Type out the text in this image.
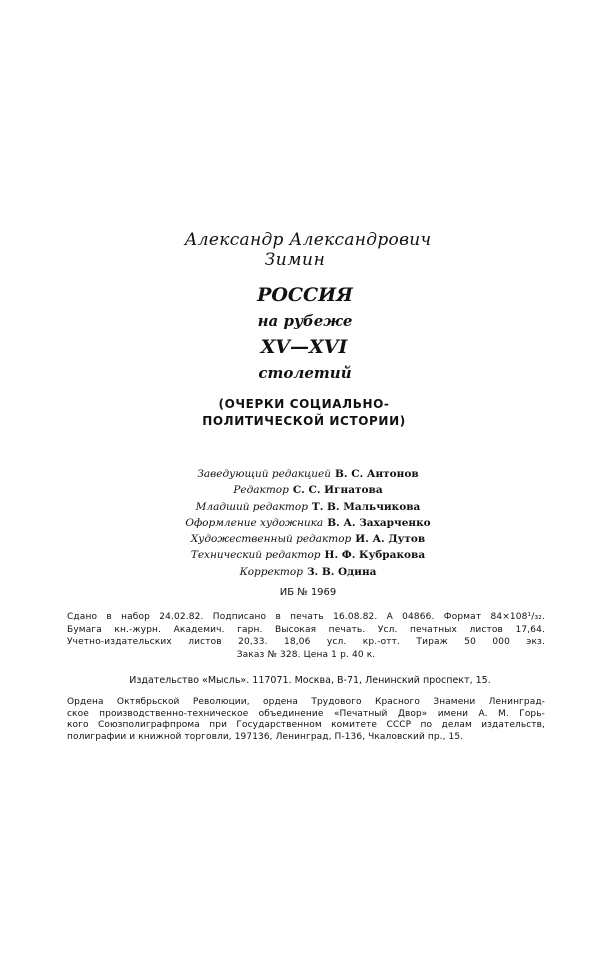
Александр Александрович
Зимин
РОССИЯ
на рубеже
XV—XVI
столетий
(ОЧЕРКИ СОЦИАЛЬНО-
ПОЛИТИЧЕСКОЙ ИСТОРИИ)
Заведующий редакцией В. С. Антонов
Редактор С. С. Игнатова
Младший редактор Т. В. Мальчикова
Оформление художника В. А. Захарченко
Художественный редактор И. А. Дутов
Технический редактор Н. Ф. Кубракова
Корректор З. В. Одина
ИБ № 1969
Сдано в набор 24.02.82. Подписано в печать 16.08.82. А 04866. Формат 84×108¹/₃₂.
Бумага кн.-журн. Академич. гарн. Высокая печать. Усл. печатных листов 17,64.
Учетно-издательских листов 20,33. 18,06 усл. кр.-отт. Тираж 50 000 экз.
Заказ № 328. Цена 1 р. 40 к.
Издательство «Мысль». 117071. Москва, В-71, Ленинский проспект, 15.
Ордена Октябрьской Революции, ордена Трудового Красного Знамени Ленинград-
ское производственно-техническое объединение «Печатный Двор» имени А. М. Горь-
кого Союзполиграфпрома при Государственном комитете СССР по делам издательств,
полиграфии и книжной торговли, 197136, Ленинград, П-136, Чкаловский пр., 15.
